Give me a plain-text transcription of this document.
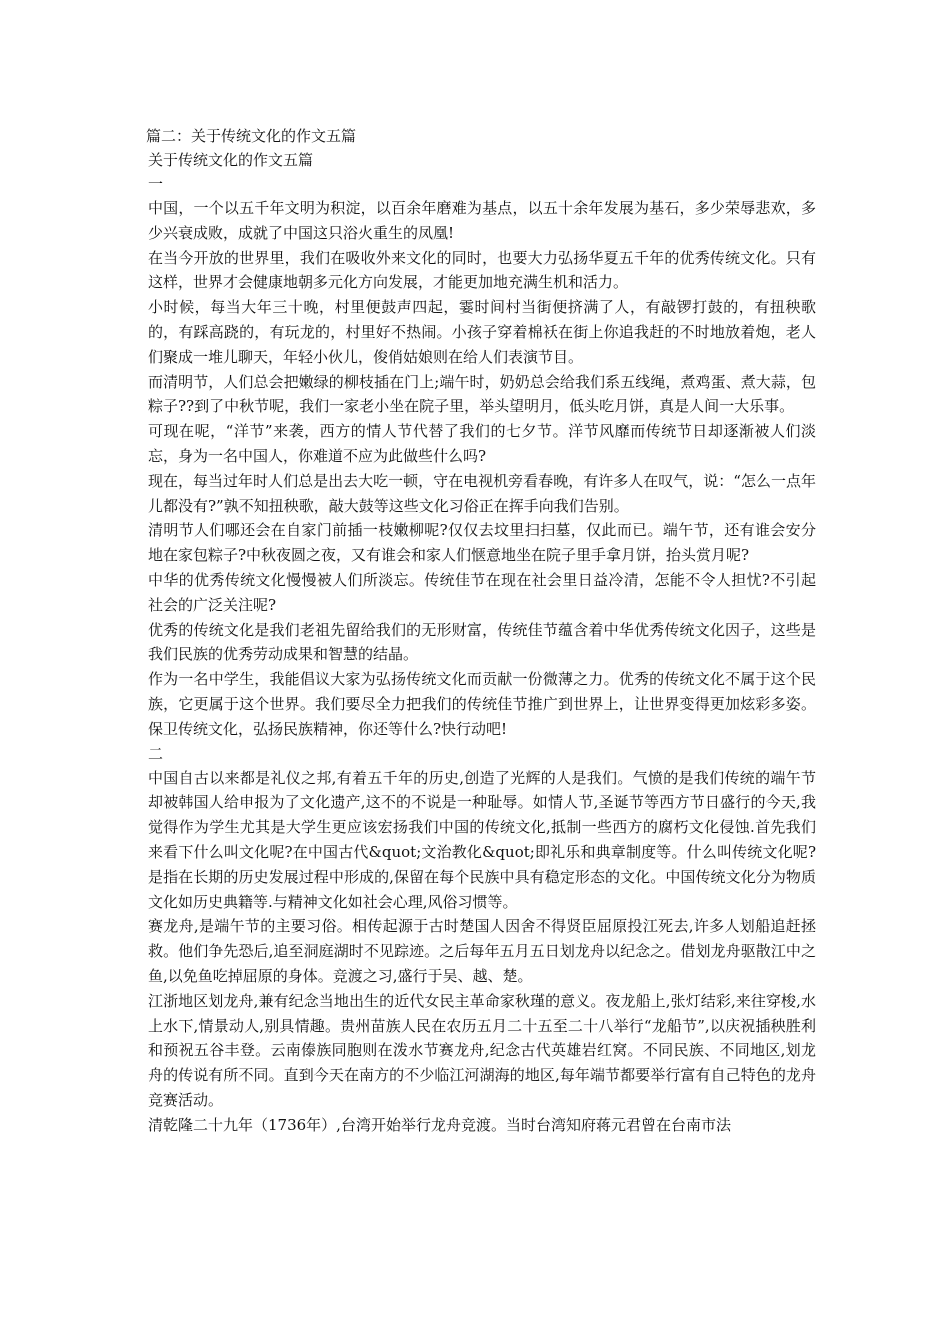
篇二：关于传统文化的作文五篇

关于传统文化的作文五篇

一

中国，一个以五千年文明为积淀，以百余年磨难为基点，以五十余年发展为基石，多少荣辱悲欢，多少兴衰成败，成就了中国这只浴火重生的凤凰!

在当今开放的世界里，我们在吸收外来文化的同时，也要大力弘扬华夏五千年的优秀传统文化。只有这样，世界才会健康地朝多元化方向发展，才能更加地充满生机和活力。

小时候，每当大年三十晚，村里便鼓声四起，霎时间村当街便挤满了人，有敲锣打鼓的，有扭秧歌的，有踩高跷的，有玩龙的，村里好不热闹。小孩子穿着棉袄在街上你追我赶的不时地放着炮，老人们聚成一堆儿聊天，年轻小伙儿，俊俏姑娘则在给人们表演节目。

而清明节，人们总会把嫩绿的柳枝插在门上;端午时，奶奶总会给我们系五线绳，煮鸡蛋、煮大蒜，包粽子??到了中秋节呢，我们一家老小坐在院子里，举头望明月，低头吃月饼，真是人间一大乐事。

可现在呢，“洋节”来袭，西方的情人节代替了我们的七夕节。洋节风靡而传统节日却逐渐被人们淡忘，身为一名中国人，你难道不应为此做些什么吗?

现在，每当过年时人们总是出去大吃一顿，守在电视机旁看春晚，有许多人在叹气，说：“怎么一点年儿都没有?”孰不知扭秧歌，敲大鼓等这些文化习俗正在挥手向我们告别。

清明节人们哪还会在自家门前插一枝嫩柳呢?仅仅去坟里扫扫墓，仅此而已。端午节，还有谁会安分地在家包粽子?中秋夜圆之夜，又有谁会和家人们惬意地坐在院子里手拿月饼，抬头赏月呢?

中华的优秀传统文化慢慢被人们所淡忘。传统佳节在现在社会里日益冷清，怎能不令人担忧?不引起社会的广泛关注呢?

优秀的传统文化是我们老祖先留给我们的无形财富，传统佳节蕴含着中华优秀传统文化因子，这些是我们民族的优秀劳动成果和智慧的结晶。

作为一名中学生，我能倡议大家为弘扬传统文化而贡献一份微薄之力。优秀的传统文化不属于这个民族，它更属于这个世界。我们要尽全力把我们的传统佳节推广到世界上，让世界变得更加炫彩多姿。保卫传统文化，弘扬民族精神，你还等什么?快行动吧!

二

中国自古以来都是礼仪之邦,有着五千年的历史,创造了光辉的人是我们。气愤的是我们传统的端午节却被韩国人给申报为了文化遗产,这不的不说是一种耻辱。如情人节,圣诞节等西方节日盛行的今天,我觉得作为学生尤其是大学生更应该宏扬我们中国的传统文化,抵制一些西方的腐朽文化侵蚀.首先我们来看下什么叫文化呢?在中国古代&quot;文治教化&quot;即礼乐和典章制度等。什么叫传统文化呢?是指在长期的历史发展过程中形成的,保留在每个民族中具有稳定形态的文化。中国传统文化分为物质文化如历史典籍等.与精神文化如社会心理,风俗习惯等。

赛龙舟,是端午节的主要习俗。相传起源于古时楚国人因舍不得贤臣屈原投江死去,许多人划船追赶拯救。他们争先恐后,追至洞庭湖时不见踪迹。之后每年五月五日划龙舟以纪念之。借划龙舟驱散江中之鱼,以免鱼吃掉屈原的身体。竞渡之习,盛行于吴、越、楚。

江浙地区划龙舟,兼有纪念当地出生的近代女民主革命家秋瑾的意义。夜龙船上,张灯结彩,来往穿梭,水上水下,情景动人,别具情趣。贵州苗族人民在农历五月二十五至二十八举行“龙船节”,以庆祝插秧胜利和预祝五谷丰登。云南傣族同胞则在泼水节赛龙舟,纪念古代英雄岩红窝。不同民族、不同地区,划龙舟的传说有所不同。直到今天在南方的不少临江河湖海的地区,每年端节都要举行富有自己特色的龙舟竞赛活动。

清乾隆二十九年（1736年）,台湾开始举行龙舟竞渡。当时台湾知府蒋元君曾在台南市法
